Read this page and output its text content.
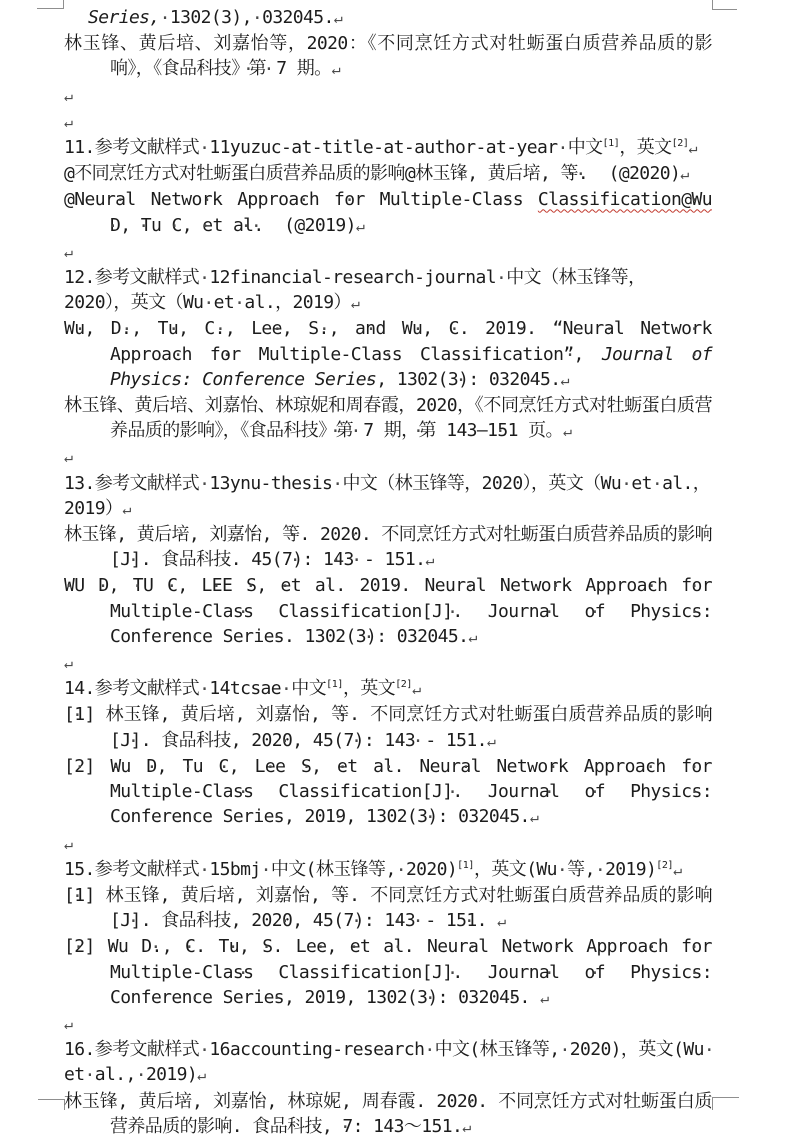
Series, · 1302(3), · 032045.↵
林玉锋、黄后培、刘嘉怡等，2020：《不同烹饪方式对牡蛎蛋白质营养品质的影响》，《食品科技》第 · 7 · 期。↵
↵
↵
11.参考文献样式 · 11yuzuc-at-title-at-author-at-year · 中文[1]，英文[2]↵
@不同烹饪方式对牡蛎蛋白质营养品质的影响@林玉锋, · 黄后培, · 等.  ·  · (@2020)↵
@Neural · Network · Approach · for · Multiple-Class  · Classification@Wu  ·D, · Tu · C, · et · al.  ·  · (@2019)↵
↵
12.参考文献样式 · 12financial-research-journal · 中文（林玉锋等，2020），英文（Wu · et · al.，2019）↵
Wu, · D., · Tu, · C., · Lee, · S., · and · Wu,  · C. · 2019. · “Neural · Network  ·Approach · for  · Multiple-Class · Classification”, · Journal · of  ·Physics: · Conference · Series, · 1302(3):  · 032045.↵
林玉锋、黄后培、刘嘉怡、林琼妮和周春霞，2020，《不同烹饪方式对牡蛎蛋白质营养品质的影响》，《食品科技》第 · 7 · 期，第 · 143—151 · 页。↵
↵
13.参考文献样式 · 13ynu-thesis · 中文（林玉锋等，2020），英文（Wu  · et · al.，2019）↵
林玉锋, · 黄后培, · 刘嘉怡, · 等. · 2020. · 不同烹饪方式对牡蛎蛋白质营养品质的影响[J]. · 食品科技. · 45(7): · 143  · - · 151.↵
WU · D, · TU · C, · LEE · S, · et · al. · 2019.  · Neural · Network · Approach · for  ·Multiple-Class  · Classification[J]. · Journal · of · Physics:  ·Conference · Series. · 1302(3): · 032045.↵
↵
14.参考文献样式 · 14tcsae · 中文[1]，英文[2]↵
[1] · 林玉锋, · 黄后培, · 刘嘉怡, · 等. · 不同烹饪方式对牡蛎蛋白质营养品质的影响[J]. · 食品科技, · 2020, · 45(7):  · 143 · - · 151.↵
[2] · Wu · D, · Tu · C, · Lee · S, · et · al.  · Neural · Network · Approach · for  ·Multiple-Class  · Classification[J]. · Journal · of · Physics:  ·Conference · Series, · 2019, · 1302(3): · 032045.↵
↵
15.参考文献样式 · 15bmj · 中文(林玉锋等, · 2020)[1]，英文(Wu · 等, · 2019)[2]↵
[1] · 林玉锋, · 黄后培, · 刘嘉怡, · 等. · 不同烹饪方式对牡蛎蛋白质营养品质的影响[J]. · 食品科技, · 2020, · 45(7):  · 143 · - · 151. · ↵
[2] · Wu · D., · C. · Tu, · S. · Lee, · et · al. · Neural · Network · Approach · for  ·Multiple-Class · Classification[J]. · Journal · of  · Physics:  ·Conference · Series, · 2019, · 1302(3):  · 032045. · ↵
↵
16.参考文献样式 · 16accounting-research · 中文(林玉锋等,  · 2020)，英文(Wu  ·et · al., · 2019)↵
林玉锋, · 黄后培, · 刘嘉怡, · 林琼妮, · 周春霞. · 2020. · 不同烹饪方式对牡蛎蛋白质营养品质的影响. · 食品科技, · 7:  · 143～151.↵
